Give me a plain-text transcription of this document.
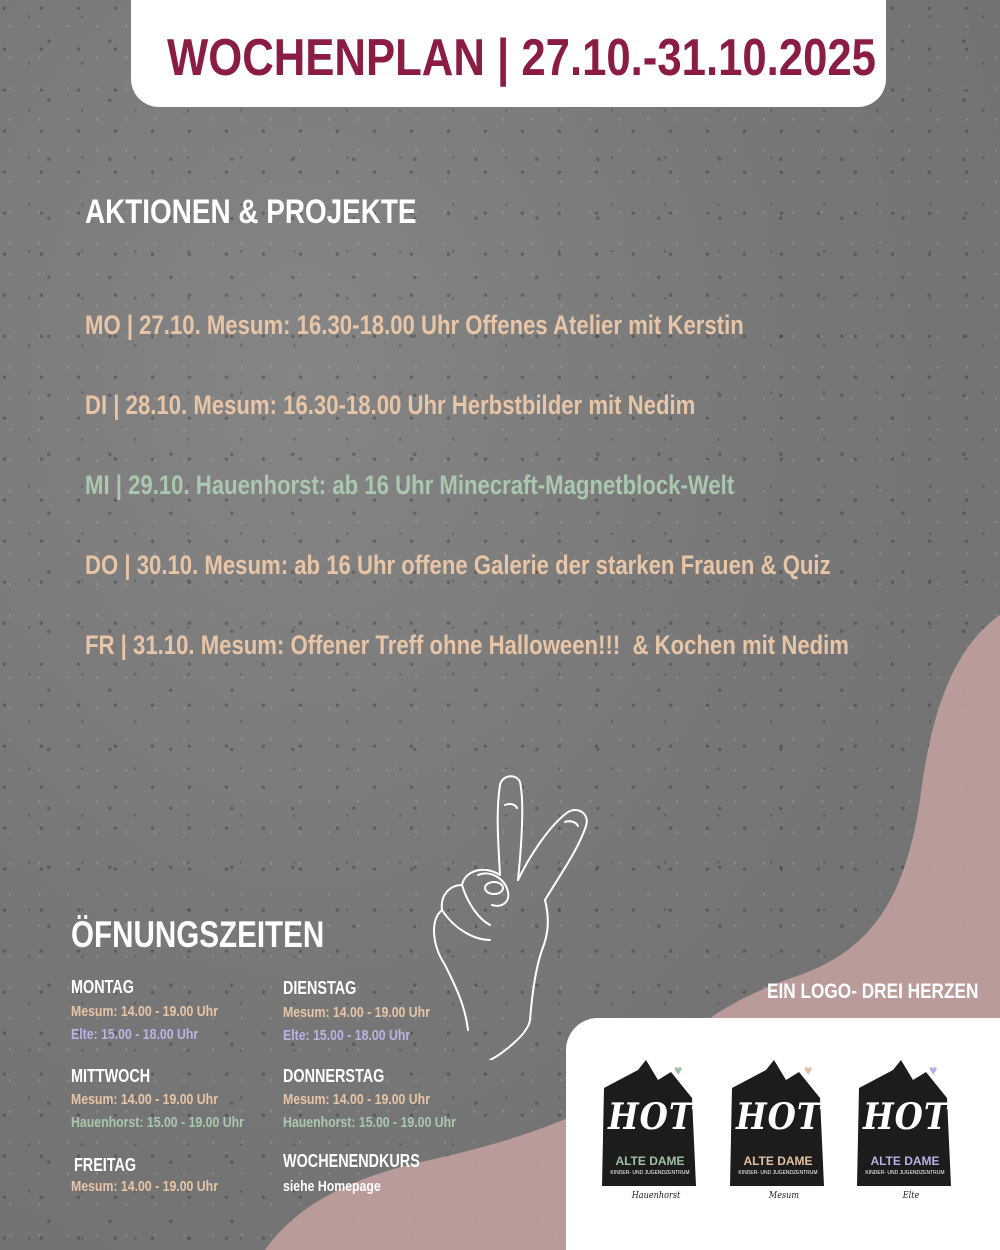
WOCHENPLAN | 27.10.-31.10.2025
AKTIONEN & PROJEKTE
MO | 27.10. Mesum: 16.30-18.00 Uhr Offenes Atelier mit Kerstin
DI | 28.10. Mesum: 16.30-18.00 Uhr Herbstbilder mit Nedim
MI | 29.10. Hauenhorst: ab 16 Uhr Minecraft-Magnetblock-Welt
DO | 30.10. Mesum: ab 16 Uhr offene Galerie der starken Frauen & Quiz
FR | 31.10. Mesum: Offener Treff ohne Halloween!!!  & Kochen mit Nedim
ÖFNUNGSZEITEN
MONTAG
Mesum: 14.00 - 19.00 Uhr
Elte: 15.00 - 18.00 Uhr
DIENSTAG
Mesum: 14.00 - 19.00 Uhr
Elte: 15.00 - 18.00 Uhr
MITTWOCH
Mesum: 14.00 - 19.00 Uhr
Hauenhorst: 15.00 - 19.00 Uhr
DONNERSTAG
Mesum: 14.00 - 19.00 Uhr
Hauenhorst: 15.00 - 19.00 Uhr
FREITAG
Mesum: 14.00 - 19.00 Uhr
WOCHENENDKURS
siehe Homepage
EIN LOGO- DREI HERZEN
♥
HOT
ALTE DAME
KINDER- UND JUGENDZENTRUM
Hauenhorst
♥
HOT
ALTE DAME
KINDER- UND JUGENDZENTRUM
Mesum
♥
HOT
ALTE DAME
KINDER- UND JUGENDZENTRUM
Elte
